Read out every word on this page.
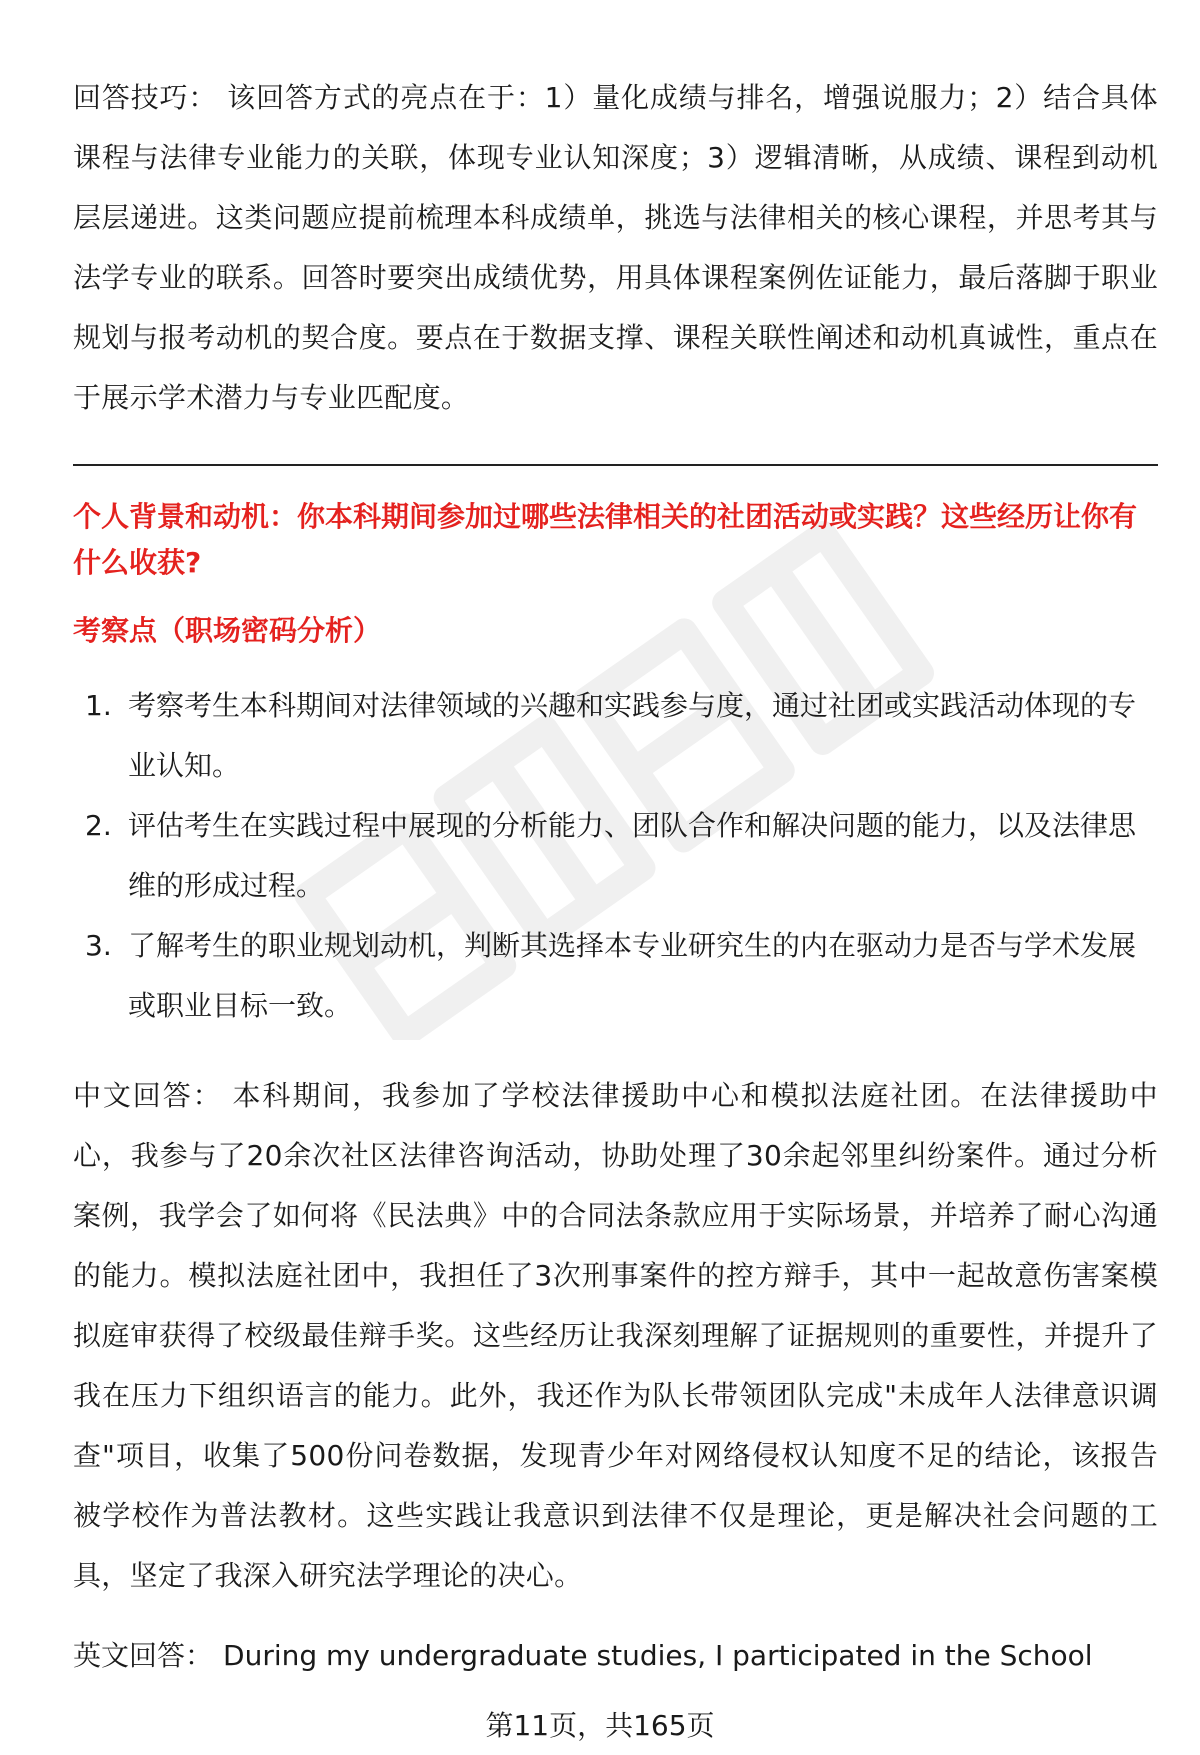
回答技巧： 该回答方式的亮点在于：1）量化成绩与排名，增强说服力；2）结合具体课程与法律专业能力的关联，体现专业认知深度；3）逻辑清晰，从成绩、课程到动机层层递进。这类问题应提前梳理本科成绩单，挑选与法律相关的核心课程，并思考其与法学专业的联系。回答时要突出成绩优势，用具体课程案例佐证能力，最后落脚于职业规划与报考动机的契合度。要点在于数据支撑、课程关联性阐述和动机真诚性，重点在于展示学术潜力与专业匹配度。

个人背景和动机：你本科期间参加过哪些法律相关的社团活动或实践？这些经历让你有什么收获?

考察点（职场密码分析）

1. 考察考生本科期间对法律领域的兴趣和实践参与度，通过社团或实践活动体现的专业认知。
2. 评估考生在实践过程中展现的分析能力、团队合作和解决问题的能力，以及法律思维的形成过程。
3. 了解考生的职业规划动机，判断其选择本专业研究生的内在驱动力是否与学术发展或职业目标一致。

中文回答： 本科期间，我参加了学校法律援助中心和模拟法庭社团。在法律援助中心，我参与了20余次社区法律咨询活动，协助处理了30余起邻里纠纷案件。通过分析案例，我学会了如何将《民法典》中的合同法条款应用于实际场景，并培养了耐心沟通的能力。模拟法庭社团中，我担任了3次刑事案件的控方辩手，其中一起故意伤害案模拟庭审获得了校级最佳辩手奖。这些经历让我深刻理解了证据规则的重要性，并提升了我在压力下组织语言的能力。此外，我还作为队长带领团队完成"未成年人法律意识调查"项目，收集了500份问卷数据，发现青少年对网络侵权认知度不足的结论，该报告被学校作为普法教材。这些实践让我意识到法律不仅是理论，更是解决社会问题的工具，坚定了我深入研究法学理论的决心。

英文回答： During my undergraduate studies, I participated in the School
第11页，共165页
